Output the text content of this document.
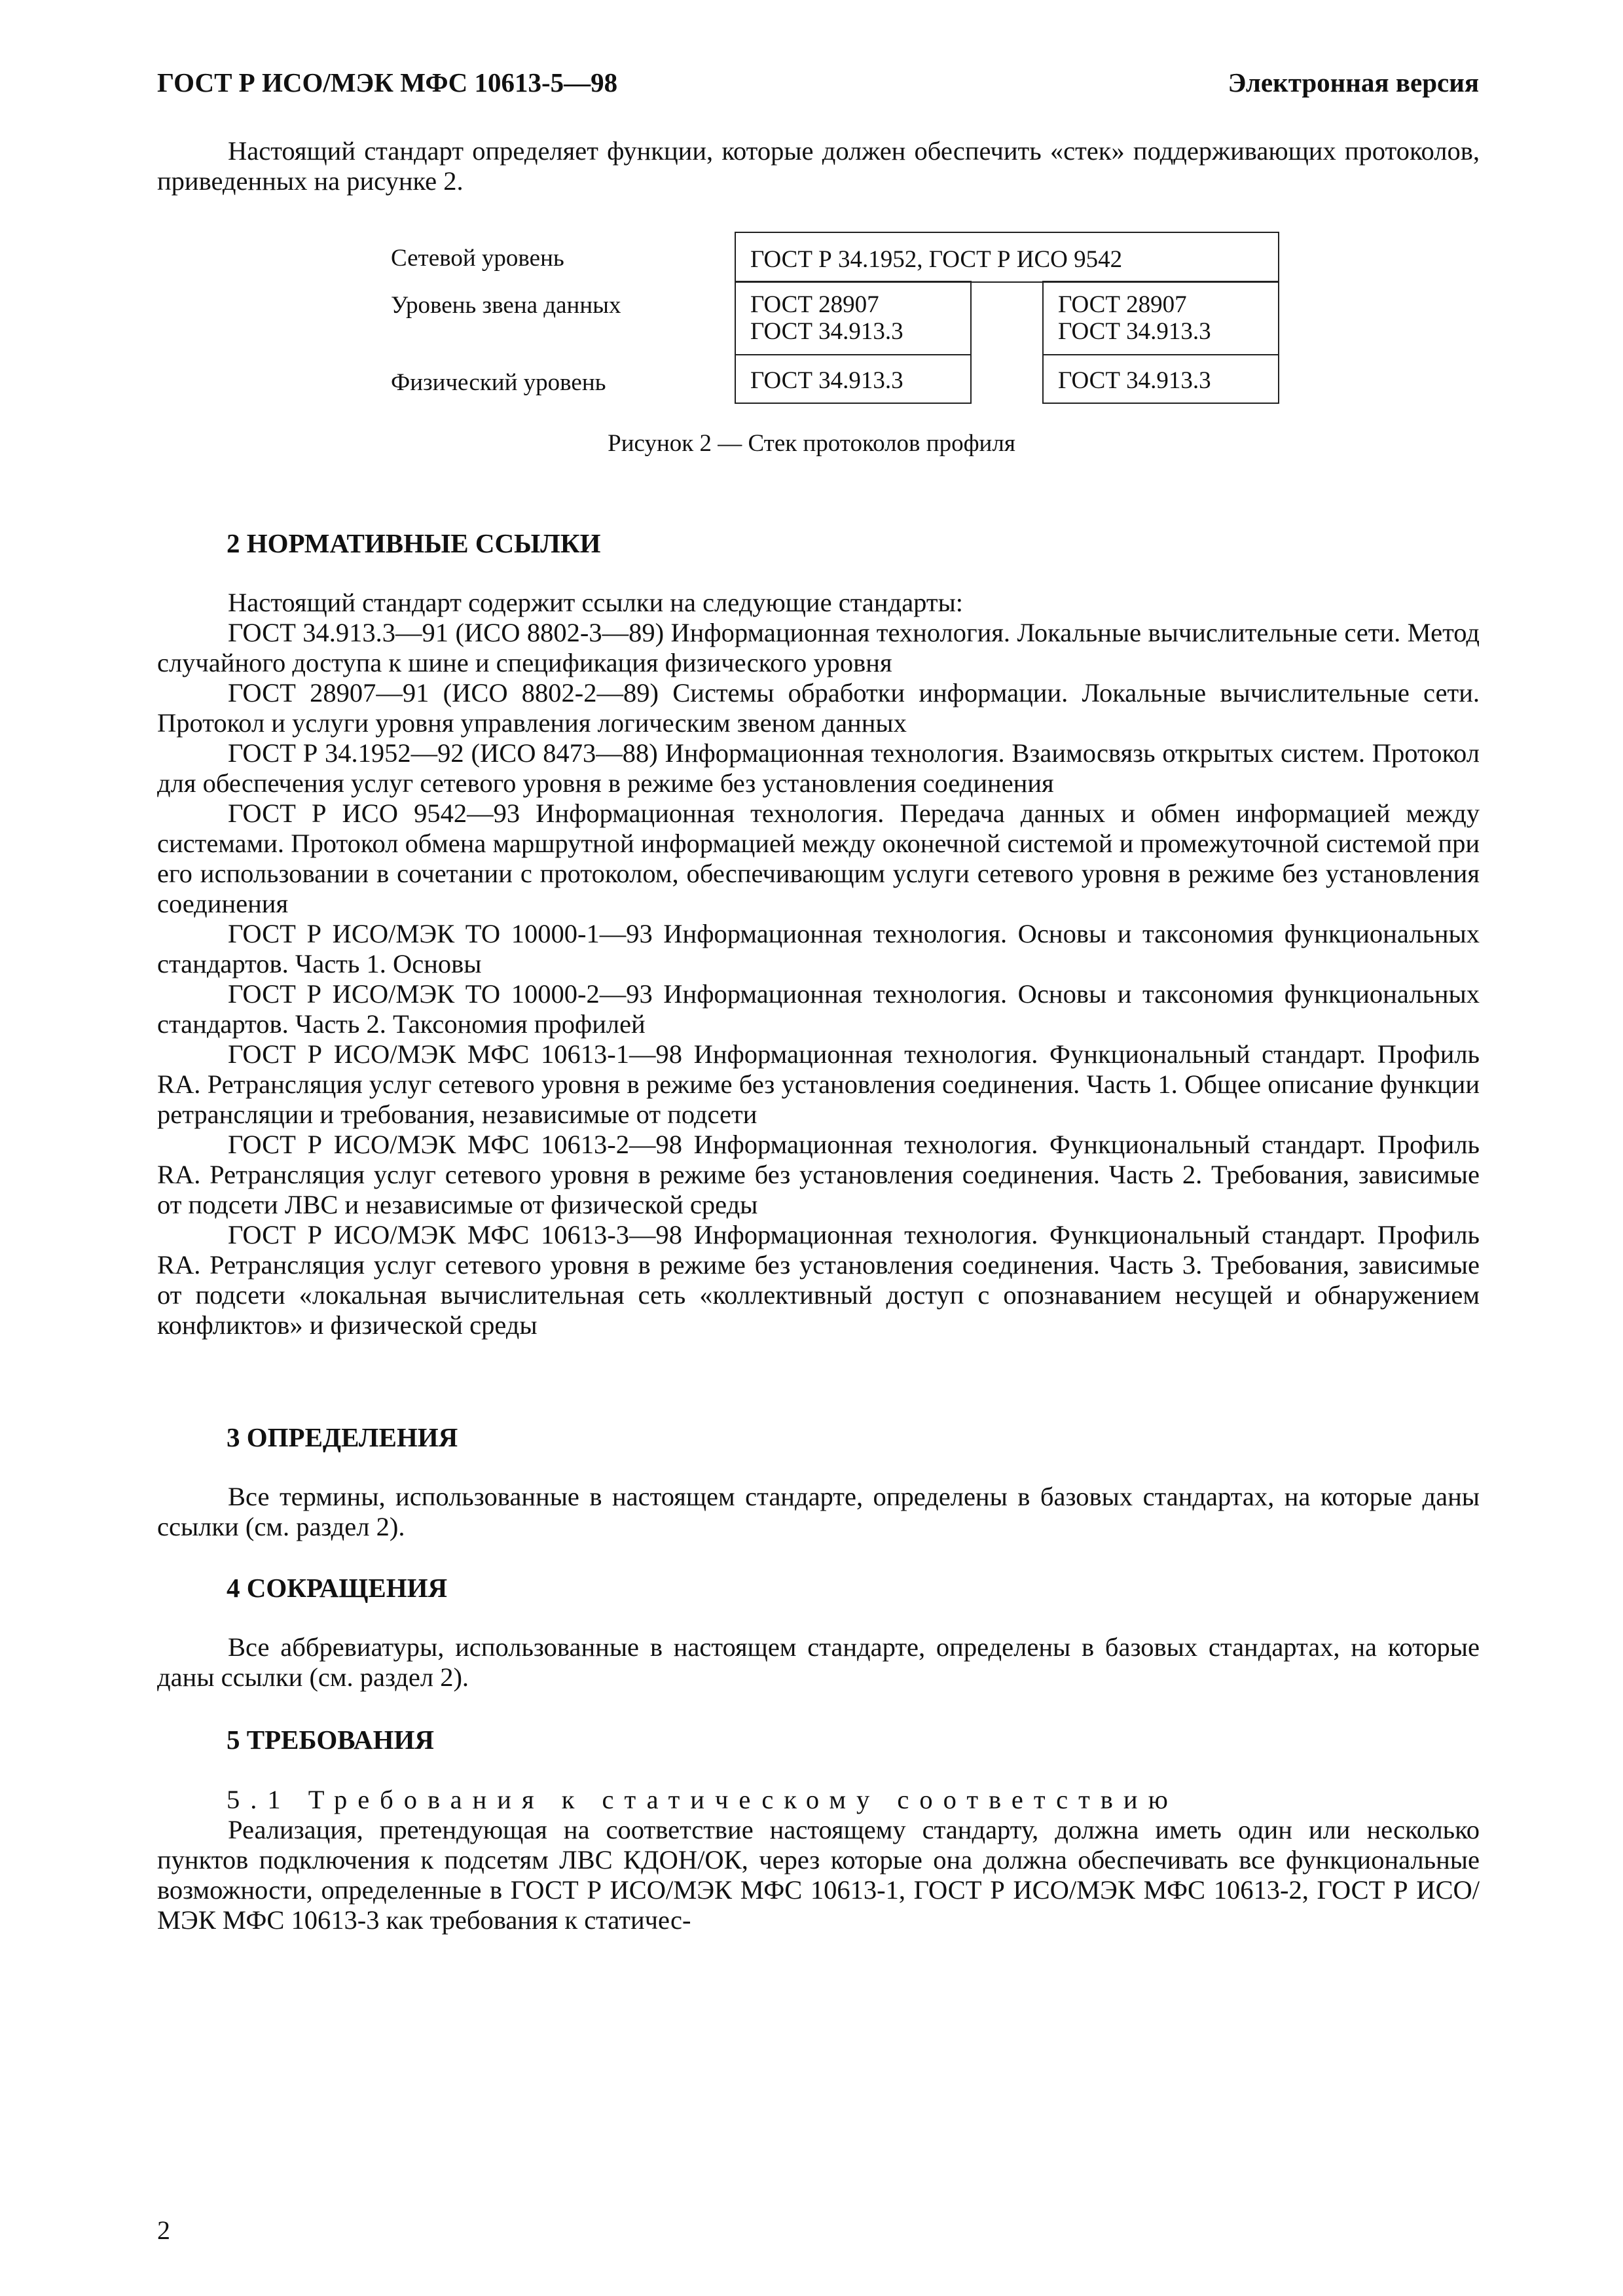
ГОСТ Р ИСО/МЭК МФС 10613-5—98	Электронная версия

Настоящий стандарт определяет функции, которые должен обеспечить «стек» поддерживающих протоколов, приведенных на рисунке 2.

Сетевой уровень
Уровень звена данных
Физический уровень
ГОСТ Р 34.1952, ГОСТ Р ИСО 9542
ГОСТ 28907
ГОСТ 34.913.3
ГОСТ 28907
ГОСТ 34.913.3
ГОСТ 34.913.3	ГОСТ 34.913.3
Рисунок 2 — Стек протоколов профиля
2 НОРМАТИВНЫЕ ССЫЛКИ

Настоящий стандарт содержит ссылки на следующие стандарты:

ГОСТ 34.913.3—91 (ИСО 8802-3—89) Информационная технология. Локальные вычислительные сети. Метод случайного доступа к шине и спецификация физического уровня

ГОСТ 28907—91 (ИСО 8802-2—89) Системы обработки информации. Локальные вычислительные сети. Протокол и услуги уровня управления логическим звеном данных

ГОСТ Р 34.1952—92 (ИСО 8473—88) Информационная технология. Взаимосвязь открытых систем. Протокол для обеспечения услуг сетевого уровня в режиме без установления соединения

ГОСТ Р ИСО 9542—93 Информационная технология. Передача данных и обмен информацией между системами. Протокол обмена маршрутной информацией между оконечной системой и промежуточной системой при его использовании в сочетании с протоколом, обеспечивающим услуги сетевого уровня в режиме без установления соединения

ГОСТ Р ИСО/МЭК ТО 10000-1—93 Информационная технология. Основы и таксономия функциональных стандартов. Часть 1. Основы

ГОСТ Р ИСО/МЭК ТО 10000-2—93 Информационная технология. Основы и таксономия функциональных стандартов. Часть 2. Таксономия профилей

ГОСТ Р ИСО/МЭК МФС 10613-1—98 Информационная технология. Функциональный стандарт. Профиль RA. Ретрансляция услуг сетевого уровня в режиме без установления соединения. Часть 1. Общее описание функции ретрансляции и требования, независимые от подсети

ГОСТ Р ИСО/МЭК МФС 10613-2—98 Информационная технология. Функциональный стандарт. Профиль RA. Ретрансляция услуг сетевого уровня в режиме без установления соединения. Часть 2. Требования, зависимые от подсети ЛВС и независимые от физической среды

ГОСТ Р ИСО/МЭК МФС 10613-3—98 Информационная технология. Функциональный стандарт. Профиль RA. Ретрансляция услуг сетевого уровня в режиме без установления соединения. Часть 3. Требования, зависимые от подсети «локальная вычислительная сеть «коллективный доступ с опознаванием несущей и обнаружением конфликтов» и физической среды

3 ОПРЕДЕЛЕНИЯ

Все термины, использованные в настоящем стандарте, определены в базовых стандартах, на которые даны ссылки (см. раздел 2).

4 СОКРАЩЕНИЯ

Все аббревиатуры, использованные в настоящем стандарте, определены в базовых стандартах, на которые даны ссылки (см. раздел 2).

5 ТРЕБОВАНИЯ
5.1 Требования к статическому соответствию

Реализация, претендующая на соответствие настоящему стандарту, должна иметь один или несколько пунктов подключения к подсетям ЛВС КДОН/ОК, через которые она должна обеспечивать все функциональные возможности, определенные в ГОСТ Р ИСО/МЭК МФС 10613-1, ГОСТ Р ИСО/МЭК МФС 10613-2, ГОСТ Р ИСО/МЭК МФС 10613-3 как требования к статичес-

2
